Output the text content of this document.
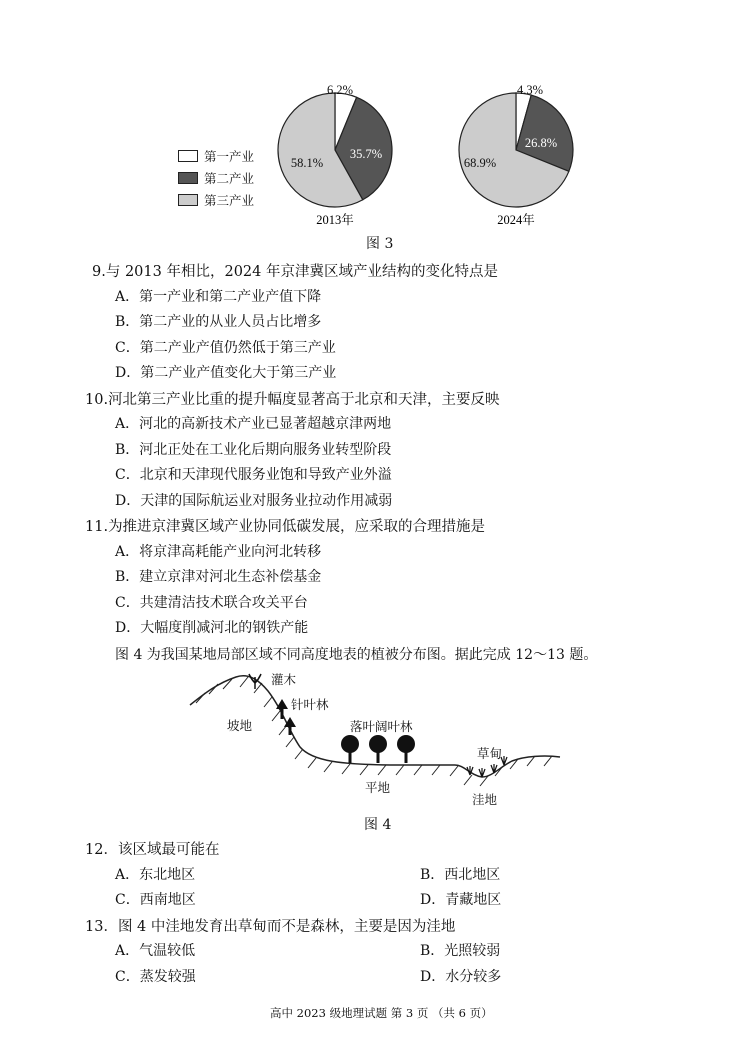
第一产业
第二产业
第三产业
6.2%
35.7%
58.1%
2013年
4.3%
26.8%
68.9%
2024年
图 3
9.与 2013 年相比，2024 年京津冀区域产业结构的变化特点是
A．第一产业和第二产业产值下降
B．第二产业的从业人员占比增多
C．第二产业产值仍然低于第三产业
D．第二产业产值变化大于第三产业
10.河北第三产业比重的提升幅度显著高于北京和天津，主要反映
A．河北的高新技术产业已显著超越京津两地
B．河北正处在工业化后期向服务业转型阶段
C．北京和天津现代服务业饱和导致产业外溢
D．天津的国际航运业对服务业拉动作用减弱
11.为推进京津冀区域产业协同低碳发展，应采取的合理措施是
A．将京津高耗能产业向河北转移
B．建立京津对河北生态补偿基金
C．共建清洁技术联合攻关平台
D．大幅度削减河北的钢铁产能
图 4 为我国某地局部区域不同高度地表的植被分布图。据此完成 12～13 题。
灌木
针叶林
坡地	落叶阔叶林
草甸
平地
洼地
图 4
12．该区域最可能在
A．东北地区	B．西北地区
C．西南地区	D．青藏地区
13．图 4 中洼地发育出草甸而不是森林，主要是因为洼地
A．气温较低	B．光照较弱
C．蒸发较强	D．水分较多
高中 2023 级地理试题 第 3 页 （共 6 页）
